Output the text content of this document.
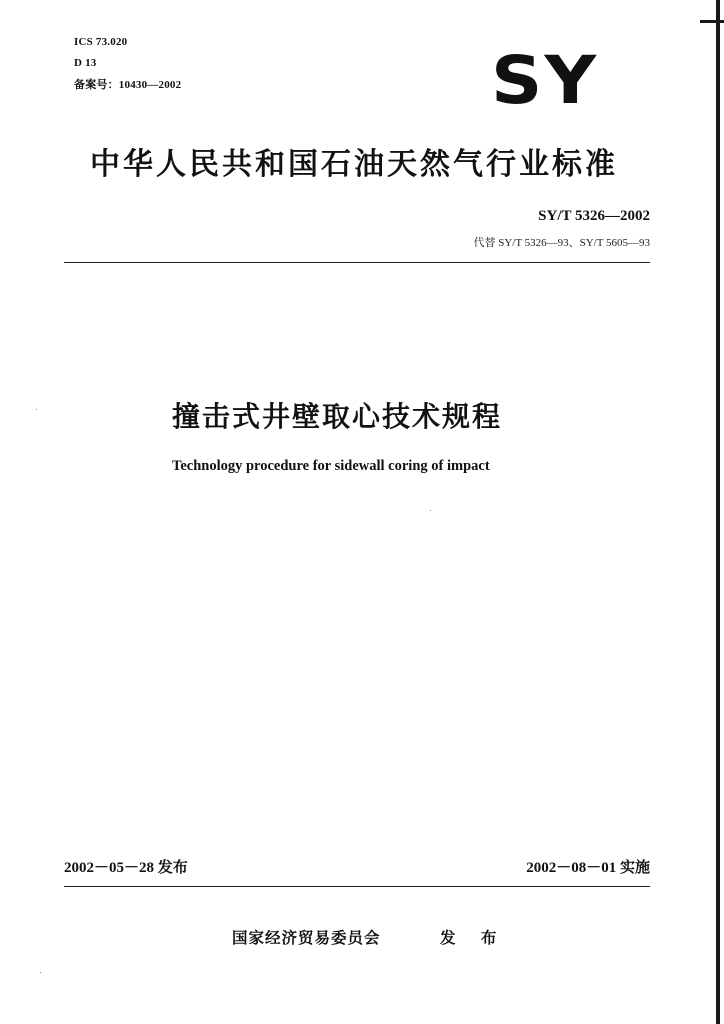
ICS 73.020
D 13
备案号：10430—2002	SY
中华人民共和国石油天然气行业标准
SY/T 5326—2002
代替 SY/T 5326—93、SY/T 5605—93
撞击式井壁取心技术规程
Technology procedure for sidewall coring of impact
2002－05－28 发布	2002－08－01 实施
国家经济贸易委员会	发 布
